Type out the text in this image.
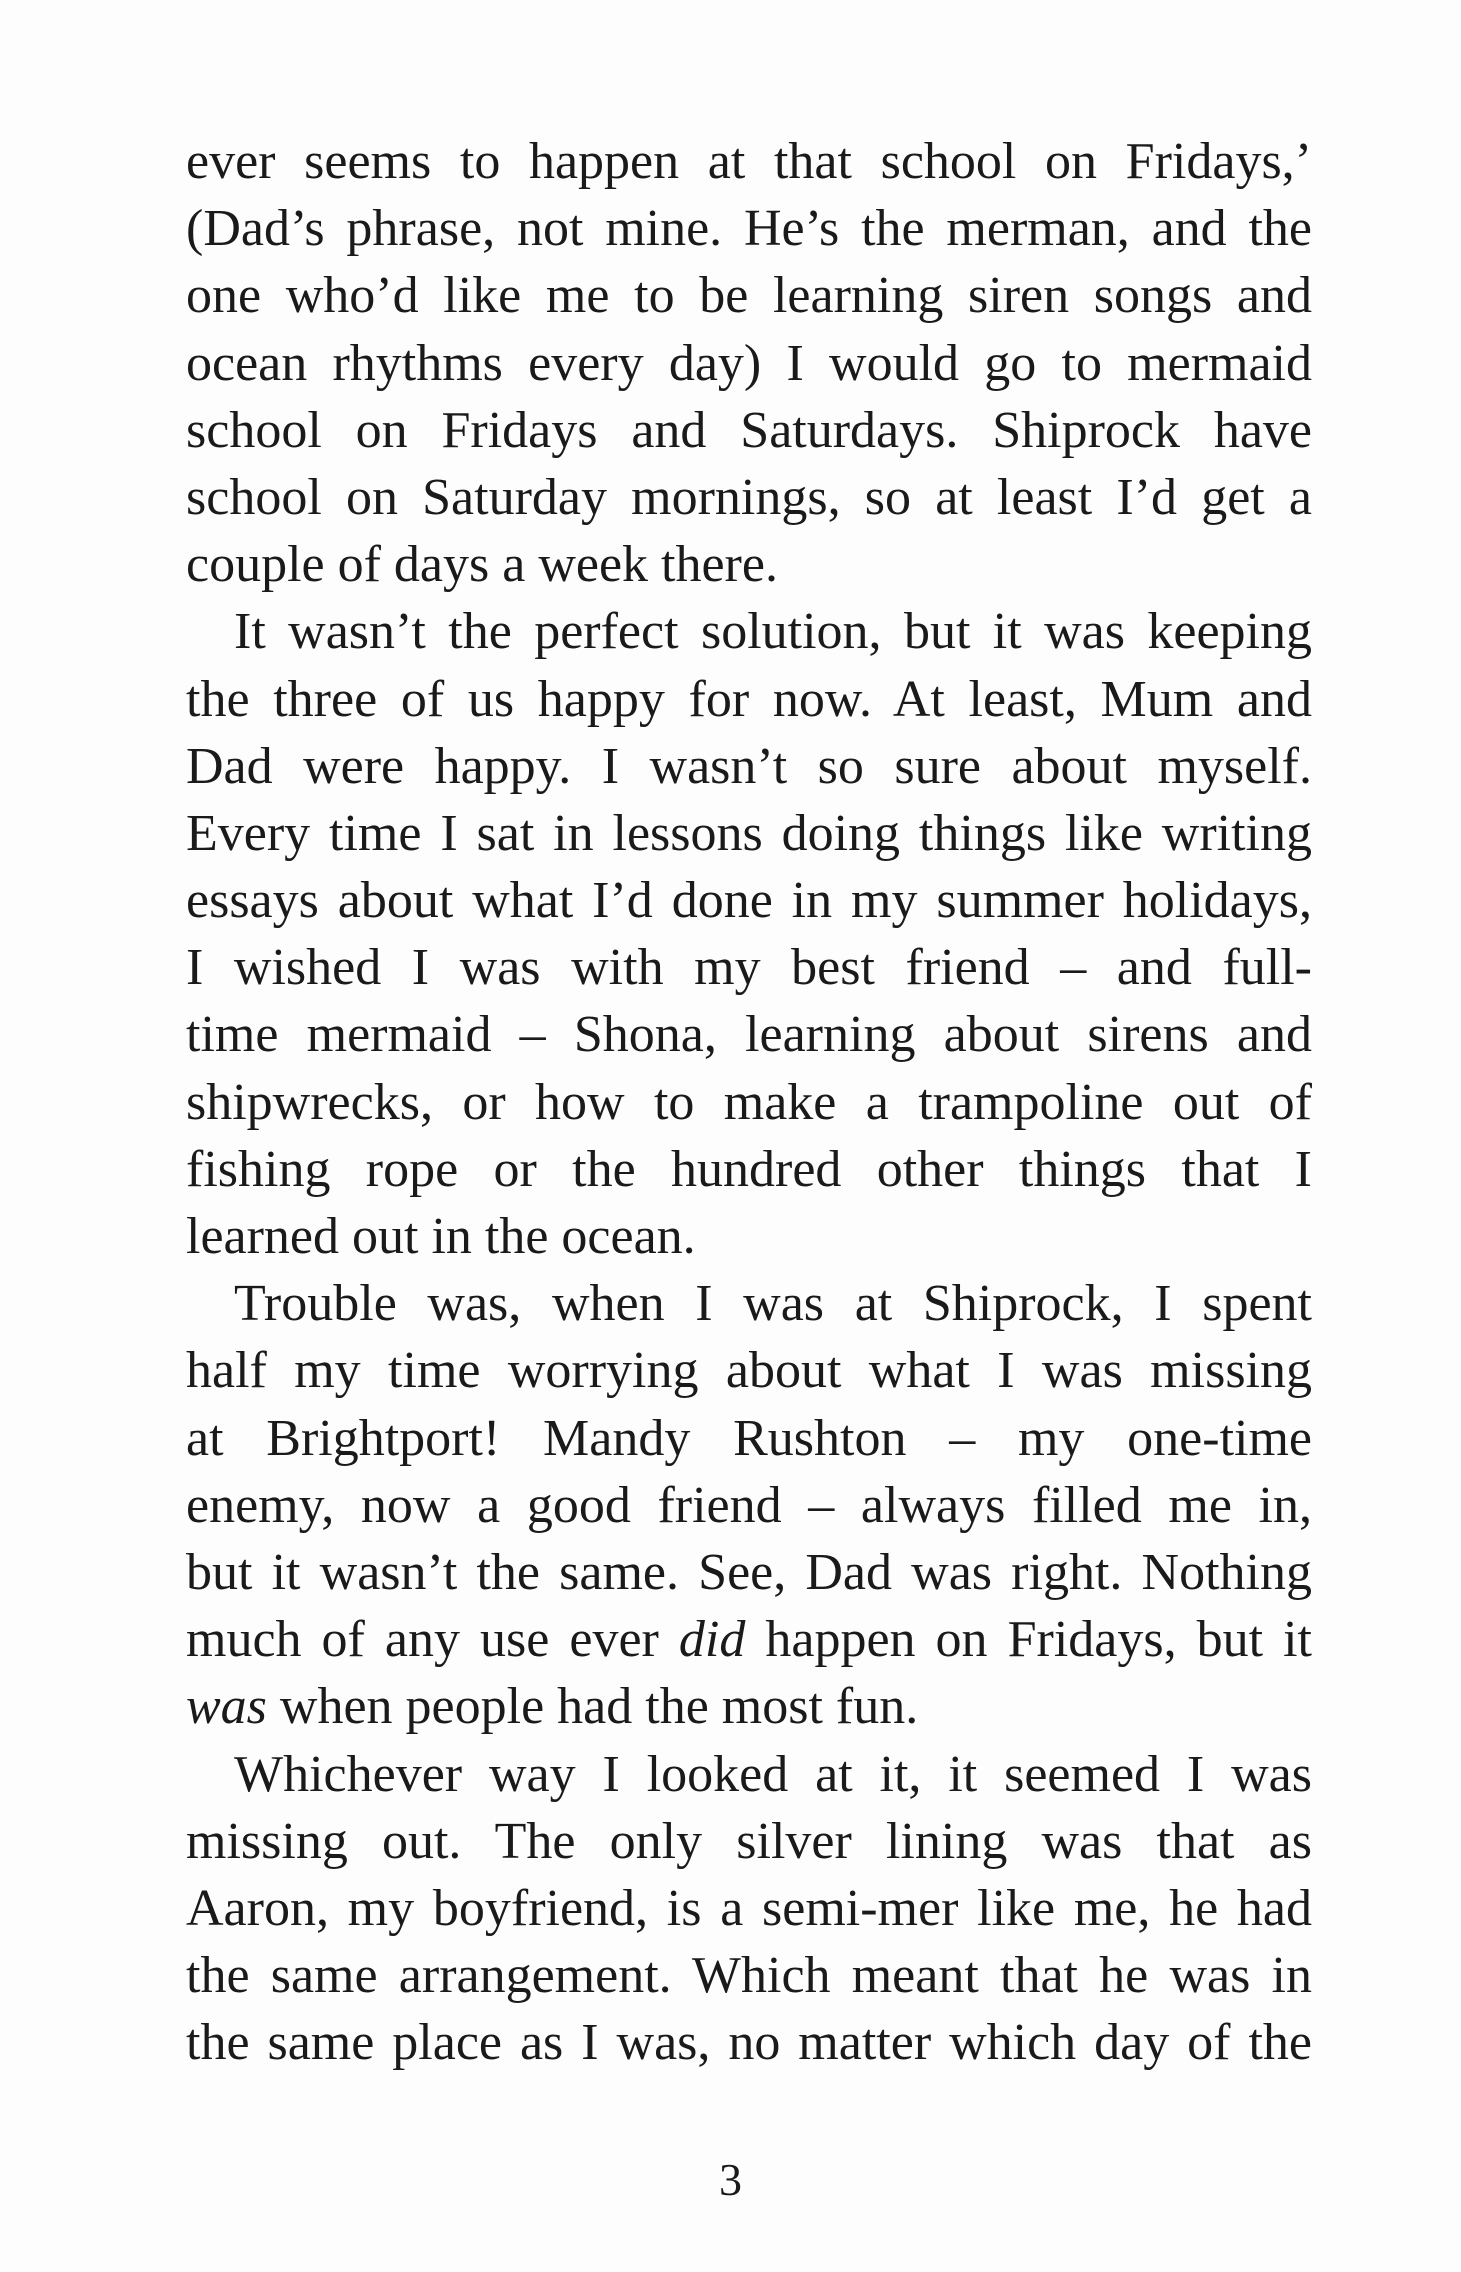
ever seems to happen at that school on Fridays,’
(Dad’s phrase, not mine. He’s the merman, and the
one who’d like me to be learning siren songs and
ocean rhythms every day) I would go to mermaid
school on Fridays and Saturdays. Shiprock have
school on Saturday mornings, so at least I’d get a
couple of days a week there.
It wasn’t the perfect solution, but it was keeping
the three of us happy for now. At least, Mum and
Dad were happy. I wasn’t so sure about myself.
Every time I sat in lessons doing things like writing
essays about what I’d done in my summer holidays,
I wished I was with my best friend – and full-
time mermaid – Shona, learning about sirens and
shipwrecks, or how to make a trampoline out of
fishing rope or the hundred other things that I
learned out in the ocean.
Trouble was, when I was at Shiprock, I spent
half my time worrying about what I was missing
at Brightport! Mandy Rushton – my one-time
enemy, now a good friend – always filled me in,
but it wasn’t the same. See, Dad was right. Nothing
much of any use ever did happen on Fridays, but it
was when people had the most fun.
Whichever way I looked at it, it seemed I was
missing out. The only silver lining was that as
Aaron, my boyfriend, is a semi-mer like me, he had
the same arrangement. Which meant that he was in
the same place as I was, no matter which day of the
3
